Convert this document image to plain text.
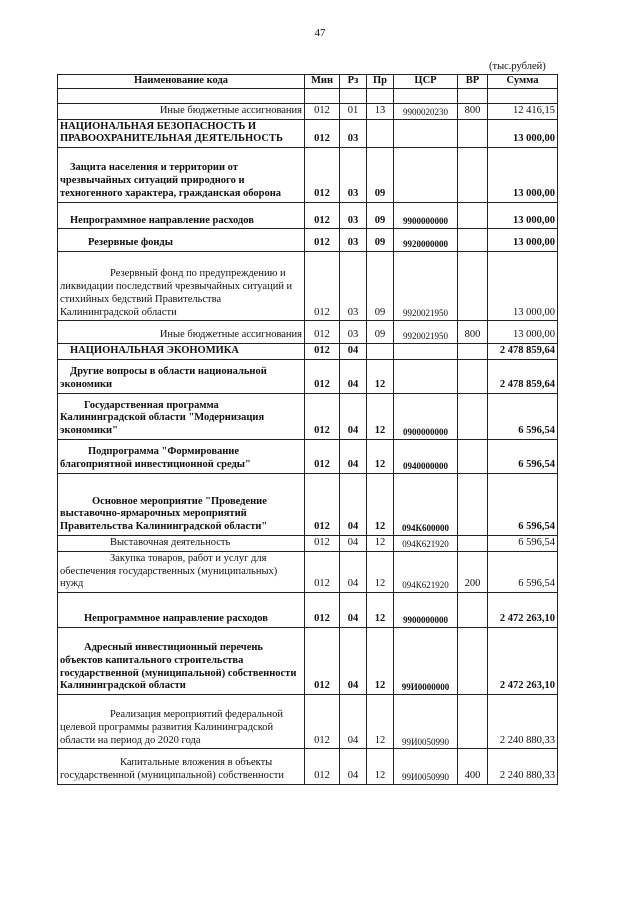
47
(тыс.рублей)
Наименование кода	Мин	Рз	Пр	ЦСР	ВР	Сумма

Иные бюджетные ассигнования	012	01	13	9900020230	800	12 416,15
НАЦИОНАЛЬНАЯ БЕЗОПАСНОСТЬ И ПРАВООХРАНИТЕЛЬНАЯ ДЕЯТЕЛЬНОСТЬ	012	03				13 000,00
Защита населения и территории от чрезвычайных ситуаций природного и техногенного характера, гражданская оборона	012	03	09			13 000,00
Непрограммное направление расходов	012	03	09	9900000000		13 000,00
Резервные фонды	012	03	09	9920000000		13 000,00
Резервный фонд по предупреждению и ликвидации последствий чрезвычайных ситуаций и стихийных бедствий Правительства Калининградской области	012	03	09	9920021950		13 000,00
Иные бюджетные ассигнования	012	03	09	9920021950	800	13 000,00
НАЦИОНАЛЬНАЯ ЭКОНОМИКА	012	04				2 478 859,64
Другие вопросы в области национальной экономики	012	04	12			2 478 859,64
Государственная программа Калининградской области "Модернизация экономики"	012	04	12	0900000000		6 596,54
Подпрограмма "Формирование благоприятной инвестиционной среды"	012	04	12	0940000000		6 596,54
Основное мероприятие "Проведение выставочно-ярмарочных мероприятий Правительства Калининградской области"	012	04	12	094К600000		6 596,54
Выставочная деятельность	012	04	12	094К621920		6 596,54
Закупка товаров, работ и услуг для обеспечения государственных (муниципальных) нужд	012	04	12	094К621920	200	6 596,54
Непрограммное направление расходов	012	04	12	9900000000		2 472 263,10
Адресный инвестиционный перечень объектов капитального строительства государственной (муниципальной) собственности Калининградской области	012	04	12	99И0000000		2 472 263,10
Реализация мероприятий федеральной целевой программы развития Калининградской области на период до 2020 года	012	04	12	99И0050990		2 240 880,33
Капитальные вложения в объекты государственной (муниципальной) собственности	012	04	12	99И0050990	400	2 240 880,33
